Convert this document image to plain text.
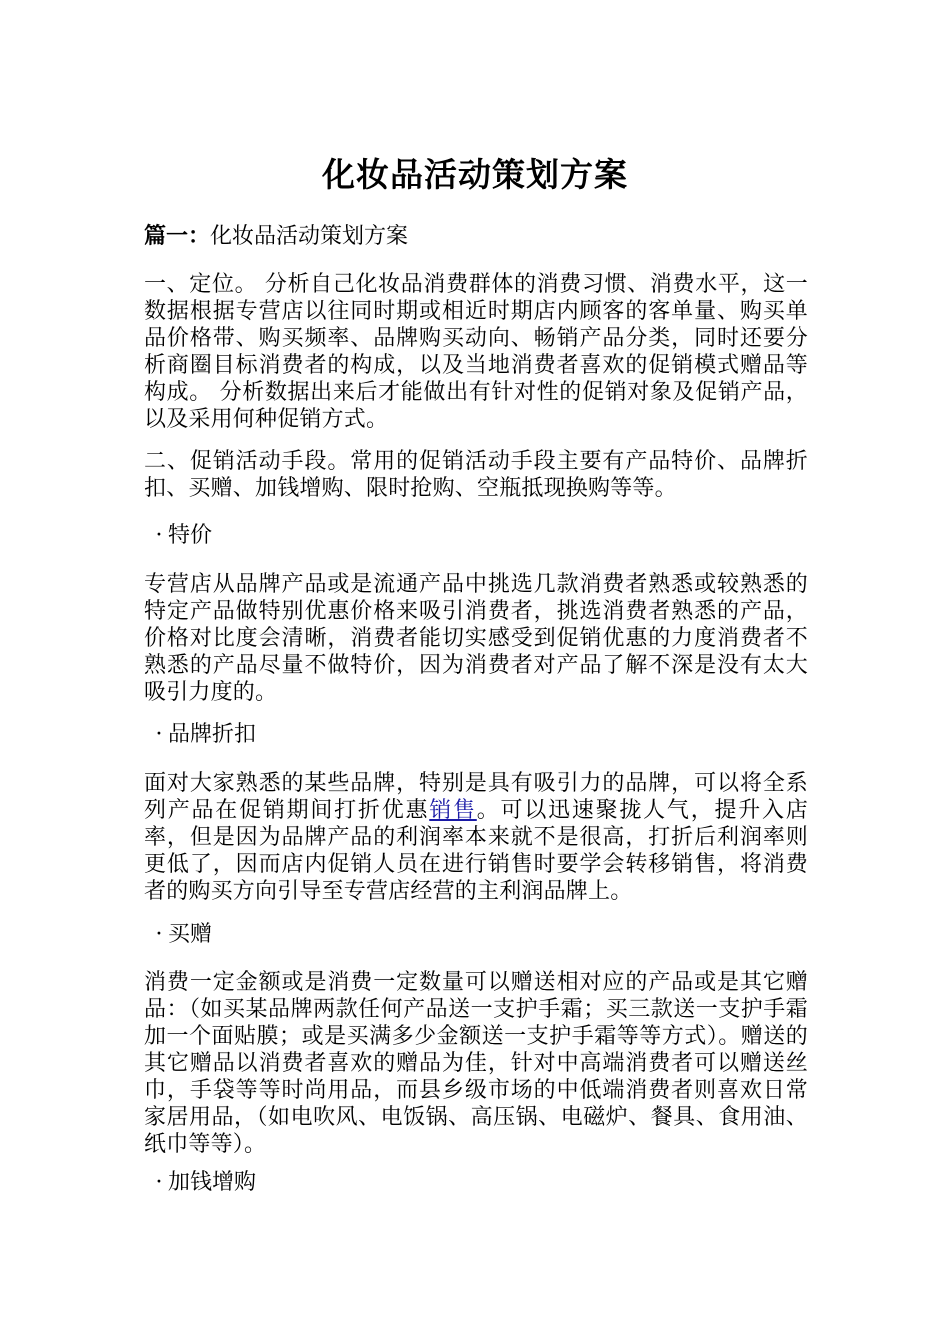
化妆品活动策划方案

篇一：化妆品活动策划方案

一、定位。 分析自己化妆品消费群体的消费习惯、消费水平，这一数据根据专营店以往同时期或相近时期店内顾客的客单量、购买单品价格带、购买频率、品牌购买动向、畅销产品分类，同时还要分析商圈目标消费者的构成，以及当地消费者喜欢的促销模式赠品等构成。 分析数据出来后才能做出有针对性的促销对象及促销产品，以及采用何种促销方式。

二、促销活动手段。常用的促销活动手段主要有产品特价、品牌折扣、买赠、加钱增购、限时抢购、空瓶抵现换购等等。

· 特价

专营店从品牌产品或是流通产品中挑选几款消费者熟悉或较熟悉的特定产品做特别优惠价格来吸引消费者，挑选消费者熟悉的产品，价格对比度会清晰，消费者能切实感受到促销优惠的力度消费者不熟悉的产品尽量不做特价，因为消费者对产品了解不深是没有太大吸引力度的。

· 品牌折扣

面对大家熟悉的某些品牌，特别是具有吸引力的品牌，可以将全系列产品在促销期间打折优惠销售。可以迅速聚拢人气，提升入店率，但是因为品牌产品的利润率本来就不是很高，打折后利润率则更低了，因而店内促销人员在进行销售时要学会转移销售，将消费者的购买方向引导至专营店经营的主利润品牌上。

· 买赠

消费一定金额或是消费一定数量可以赠送相对应的产品或是其它赠品：（如买某品牌两款任何产品送一支护手霜；买三款送一支护手霜加一个面贴膜；或是买满多少金额送一支护手霜等等方式）。赠送的其它赠品以消费者喜欢的赠品为佳，针对中高端消费者可以赠送丝巾，手袋等等时尚用品，而县乡级市场的中低端消费者则喜欢日常家居用品，（如电吹风、电饭锅、高压锅、电磁炉、餐具、食用油、纸巾等等）。

· 加钱增购
